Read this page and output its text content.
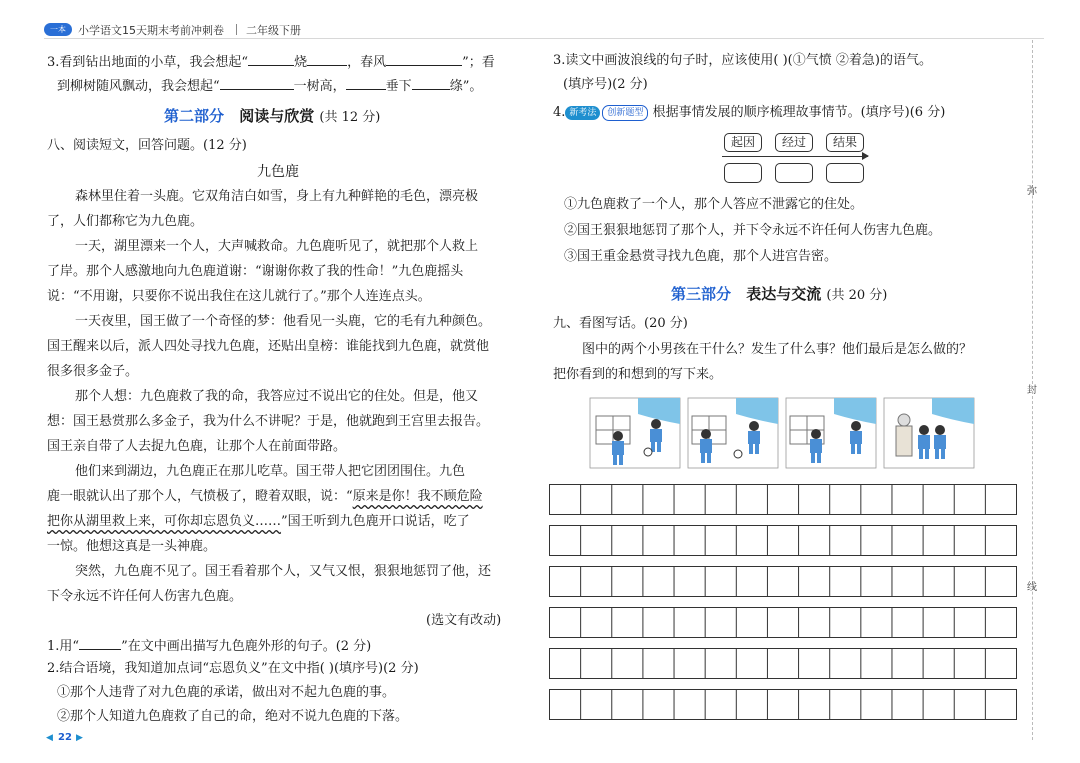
一本	小学语文15天期末考前冲刺卷 二年级下册
3.看到钻出地面的小草，我会想起“	烧	，春风	”；看
到柳树随风飘动，我会想起“	一树高，	垂下	绦”。
第二部分 阅读与欣赏 (共 12 分)
八、阅读短文，回答问题。(12 分)
九色鹿
森林里住着一头鹿。它双角洁白如雪，身上有九种鲜艳的毛色，漂亮极
了，人们都称它为九色鹿。
一天，湖里漂来一个人，大声喊救命。九色鹿听见了，就把那个人救上
了岸。那个人感激地向九色鹿道谢：“谢谢你救了我的性命！”九色鹿摇头
说：“不用谢，只要你不说出我住在这儿就行了。”那个人连连点头。
一天夜里，国王做了一个奇怪的梦：他看见一头鹿，它的毛有九种颜色。
国王醒来以后，派人四处寻找九色鹿，还贴出皇榜：谁能找到九色鹿，就赏他
很多很多金子。
那个人想：九色鹿救了我的命，我答应过不说出它的住处。但是，他又
想：国王悬赏那么多金子，我为什么不讲呢？于是，他就跑到王宫里去报告。
国王亲自带了人去捉九色鹿，让那个人在前面带路。
他们来到湖边，九色鹿正在那儿吃草。国王带人把它团团围住。九色
鹿一眼就认出了那个人，气愤极了，瞪着双眼，说：“原来是你！我不顾危险
把你从湖里救上来，可你却忘恩负义……”国王听到九色鹿开口说话，吃了
一惊。他想这真是一头神鹿。
突然，九色鹿不见了。国王看着那个人，又气又恨，狠狠地惩罚了他，还
下令永远不许任何人伤害九色鹿。
(选文有改动)
1.用“	”在文中画出描写九色鹿外形的句子。(2 分)
2.结合语境，我知道加点词“忘恩负义”在文中指( )(填序号)(2 分)
①那个人违背了对九色鹿的承诺，做出对不起九色鹿的事。
②那个人知道九色鹿救了自己的命，绝对不说九色鹿的下落。
◀ 22 ▶
3.读文中画波浪线的句子时，应该使用( )(①气愤 ②着急)的语气。
(填序号)(2 分)
4. 新考法 创新题型 根据事情发展的顺序梳理故事情节。(填序号)(6 分)
起因	经过	结果
①九色鹿救了一个人，那个人答应不泄露它的住处。
②国王狠狠地惩罚了那个人，并下令永远不许任何人伤害九色鹿。
③国王重金悬赏寻找九色鹿，那个人进宫告密。
第三部分 表达与交流 (共 20 分)
九、看图写话。(20 分)
图中的两个小男孩在干什么？发生了什么事？他们最后是怎么做的？
把你看到的和想到的写下来。
弥
封
线
